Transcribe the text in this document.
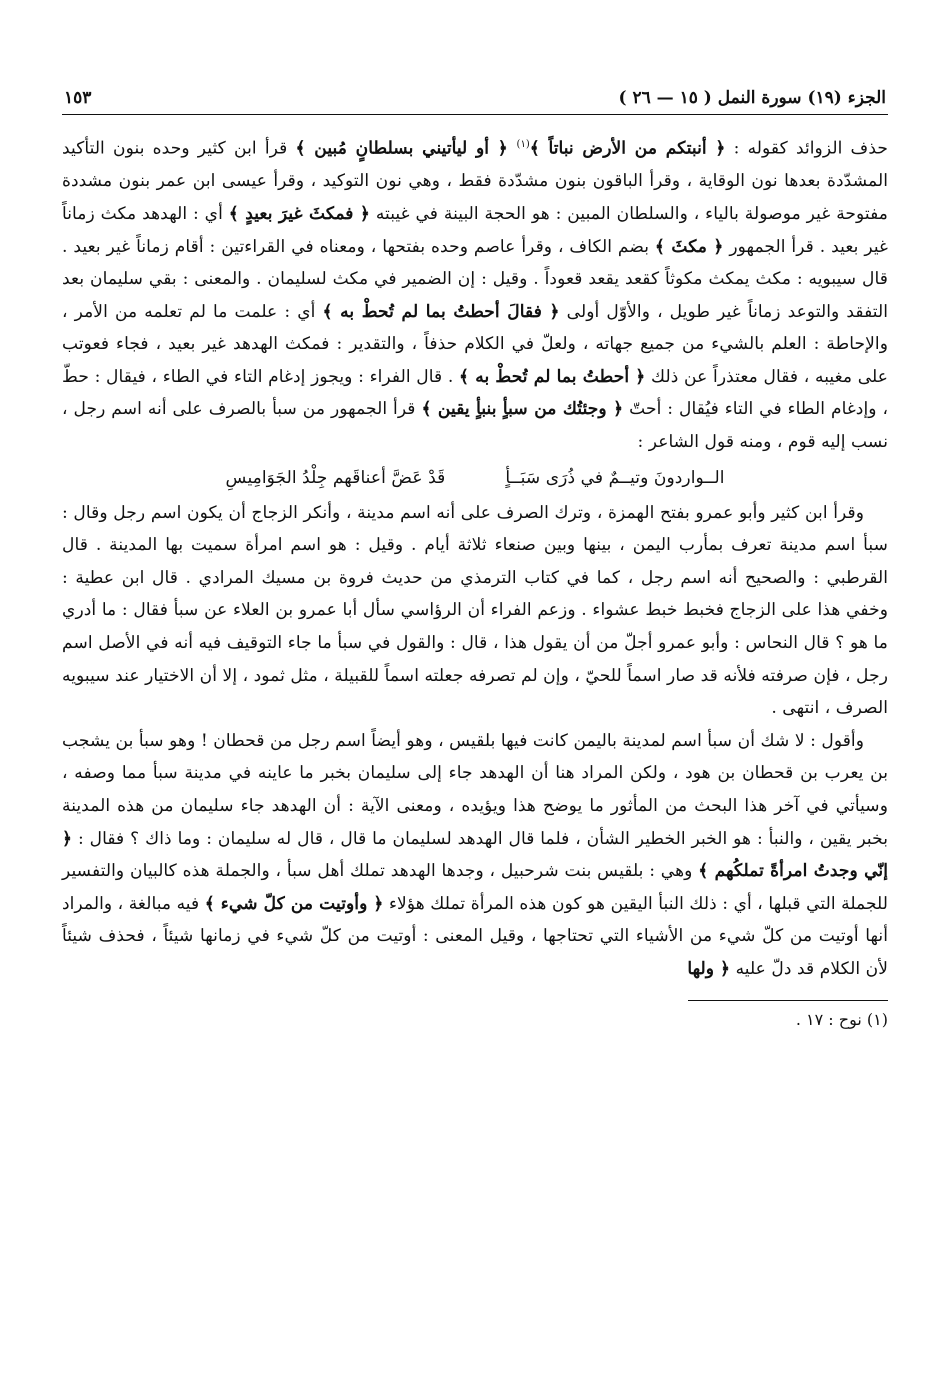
الجزء (١٩) سورة النمل ( ١٥ — ٢٦ )
١٥٣

حذف الزوائد كقوله : ﴿ أنبتكم من الأرض نباتاً ﴾$^{(١)}$ ﴿ أو ليأتيني بسلطانٍ مُبين ﴾ قرأ ابن كثير وحده بنون التأكيد المشدّدة بعدها نون الوقاية ، وقرأ الباقون بنون مشدّدة فقط ، وهي نون التوكيد ، وقرأ عيسى ابن عمر بنون مشددة مفتوحة غير موصولة بالياء ، والسلطان المبين : هو الحجة البينة في غيبته ﴿ فمكثَ غيرَ بعيدٍ ﴾ أي : الهدهد مكث زماناً غير بعيد . قرأ الجمهور ﴿ مكثَ ﴾ بضم الكاف ، وقرأ عاصم وحده بفتحها ، ومعناه في القراءتين : أقام زماناً غير بعيد . قال سيبويه : مكث يمكث مكوثاً كقعد يقعد قعوداً . وقيل : إن الضمير في مكث لسليمان . والمعنى : بقي سليمان بعد التفقد والتوعد زماناً غير طويل ، والأوّل أولى ﴿ فقالَ أحطتُ بما لم تُحطْ به ﴾ أي : علمت ما لم تعلمه من الأمر ، والإحاطة : العلم بالشيء من جميع جهاته ، ولعلّ في الكلام حذفاً ، والتقدير : فمكث الهدهد غير بعيد ، فجاء فعوتب على مغيبه ، فقال معتذراً عن ذلك ﴿ أحطتُ بما لم تُحطْ به ﴾ . قال الفراء : ويجوز إدغام التاء في الطاء ، فيقال : حطّ ، وإدغام الطاء في التاء فيُقال : أحتّ ﴿ وجئتُك من سبأٍ بنبأٍ يقين ﴾ قرأ الجمهور من سبأ بالصرف على أنه اسم رجل ، نسب إليه قوم ، ومنه قول الشاعر :

الــواردونَ وتيــمٌ في ذُرَى سَبَــأٍ
قَدْ عَضَّ أعناقَهم جِلْدُ الجَوَامِيسِ

وقرأ ابن كثير وأبو عمرو بفتح الهمزة ، وترك الصرف على أنه اسم مدينة ، وأنكر الزجاج أن يكون اسم رجل وقال : سبأ اسم مدينة تعرف بمأرب اليمن ، بينها وبين صنعاء ثلاثة أيام . وقيل : هو اسم امرأة سميت بها المدينة . قال القرطبي : والصحيح أنه اسم رجل ، كما في كتاب الترمذي من حديث فروة بن مسيك المرادي . قال ابن عطية : وخفي هذا على الزجاج فخبط خبط عشواء . وزعم الفراء أن الرؤاسي سأل أبا عمرو بن العلاء عن سبأ فقال : ما أدري ما هو ؟ قال النحاس : وأبو عمرو أجلّ من أن يقول هذا ، قال : والقول في سبأ ما جاء التوقيف فيه أنه في الأصل اسم رجل ، فإن صرفته فلأنه قد صار اسماً للحيّ ، وإن لم تصرفه جعلته اسماً للقبيلة ، مثل ثمود ، إلا أن الاختيار عند سيبويه الصرف ، انتهى .

وأقول : لا شك أن سبأ اسم لمدينة باليمن كانت فيها بلقيس ، وهو أيضاً اسم رجل من قحطان ! وهو سبأ بن يشجب بن يعرب بن قحطان بن هود ، ولكن المراد هنا أن الهدهد جاء إلى سليمان بخبر ما عاينه في مدينة سبأ مما وصفه ، وسيأتي في آخر هذا البحث من المأثور ما يوضح هذا ويؤيده ، ومعنى الآية : أن الهدهد جاء سليمان من هذه المدينة بخبر يقين ، والنبأ : هو الخبر الخطير الشأن ، فلما قال الهدهد لسليمان ما قال ، قال له سليمان : وما ذاك ؟ فقال : ﴿ إنّي وجدتُ امرأةً تملكُهم ﴾ وهي : بلقيس بنت شرحبيل ، وجدها الهدهد تملك أهل سبأ ، والجملة هذه كالبيان والتفسير للجملة التي قبلها ، أي : ذلك النبأ اليقين هو كون هذه المرأة تملك هؤلاء ﴿ وأوتيت من كلّ شيء ﴾ فيه مبالغة ، والمراد أنها أوتيت من كلّ شيء من الأشياء التي تحتاجها ، وقيل المعنى : أوتيت من كلّ شيء في زمانها شيئاً ، فحذف شيئاً لأن الكلام قد دلّ عليه ﴿ ولها

(١) نوح : ١٧ .
